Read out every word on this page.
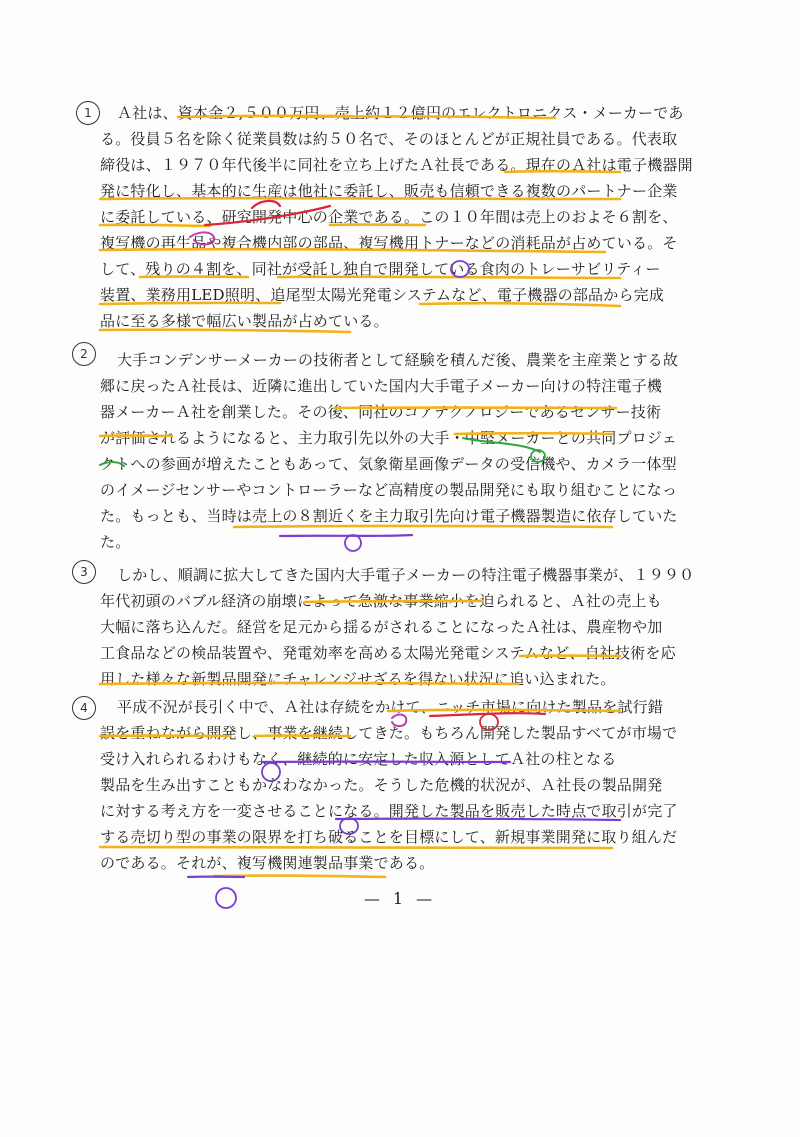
1	Ａ社は、資本金２,５００万円、売上約１２億円のエレクトロニクス・メーカーであ
る。役員５名を除く従業員数は約５０名で、そのほとんどが正規社員である。代表取
締役は、１９７０年代後半に同社を立ち上げたＡ社長である。現在のＡ社は電子機器開
発に特化し、基本的に生産は他社に委託し、販売も信頼できる複数のパートナー企業
に委託している、研究開発中心の企業である。この１０年間は売上のおよそ６割を、
複写機の再生品や複合機内部の部品、複写機用トナーなどの消耗品が占めている。そ
して、残りの４割を、同社が受託し独自で開発している食肉のトレーサビリティー
装置、業務用LED照明、追尾型太陽光発電システムなど、電子機器の部品から完成
品に至る多様で幅広い製品が占めている。
2	大手コンデンサーメーカーの技術者として経験を積んだ後、農業を主産業とする故
郷に戻ったＡ社長は、近隣に進出していた国内大手電子メーカー向けの特注電子機
器メーカーＡ社を創業した。その後、同社のコアテクノロジーであるセンサー技術
が評価されるようになると、主力取引先以外の大手・中堅メーカーとの共同プロジェ
クトへの参画が増えたこともあって、気象衛星画像データの受信機や、カメラ一体型
のイメージセンサーやコントローラーなど高精度の製品開発にも取り組むことになっ
た。もっとも、当時は売上の８割近くを主力取引先向け電子機器製造に依存していた
た。
3	しかし、順調に拡大してきた国内大手電子メーカーの特注電子機器事業が、１９９０
年代初頭のバブル経済の崩壊によって急激な事業縮小を迫られると、Ａ社の売上も
大幅に落ち込んだ。経営を足元から揺るがされることになったＡ社は、農産物や加
工食品などの検品装置や、発電効率を高める太陽光発電システムなど、自社技術を応
用した様々な新製品開発にチャレンジせざるを得ない状況に追い込まれた。
4	平成不況が長引く中で、Ａ社は存続をかけて、ニッチ市場に向けた製品を試行錯
誤を重ねながら開発し、事業を継続してきた。もちろん開発した製品すべてが市場で
受け入れられるわけもなく、継続的に安定した収入源としてＡ社の柱となる
製品を生み出すこともかなわなかった。そうした危機的状況が、Ａ社長の製品開発
に対する考え方を一変させることになる。開発した製品を販売した時点で取引が完了
する売切り型の事業の限界を打ち破ることを目標にして、新規事業開発に取り組んだ
のである。それが、複写機関連製品事業である。
— 1 —
